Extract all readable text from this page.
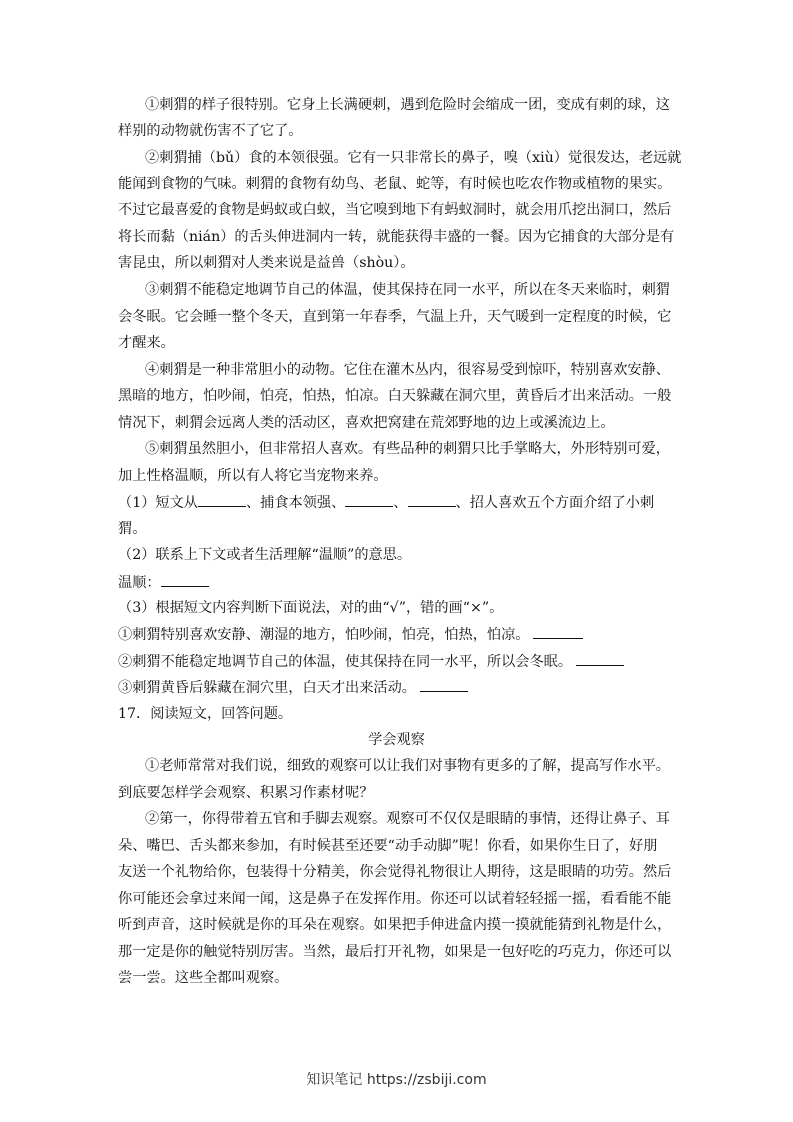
①刺猬的样子很特别。它身上长满硬刺，遇到危险时会缩成一团，变成有刺的球，这
样别的动物就伤害不了它了。
②刺猬捕（bǔ）食的本领很强。它有一只非常长的鼻子，嗅（xiù）觉很发达，老远就
能闻到食物的气味。刺猬的食物有幼鸟、老鼠、蛇等，有时候也吃农作物或植物的果实。
不过它最喜爱的食物是蚂蚁或白蚁，当它嗅到地下有蚂蚁洞时，就会用爪挖出洞口，然后
将长而黏（nián）的舌头伸进洞内一转，就能获得丰盛的一餐。因为它捕食的大部分是有
害昆虫，所以刺猬对人类来说是益兽（shòu）。
③刺猬不能稳定地调节自己的体温，使其保持在同一水平，所以在冬天来临时，刺猬
会冬眠。它会睡一整个冬天，直到第一年春季，气温上升，天气暖到一定程度的时候，它
才醒来。
④刺猬是一种非常胆小的动物。它住在灌木丛内，很容易受到惊吓，特别喜欢安静、
黑暗的地方，怕吵闹，怕亮，怕热，怕凉。白天躲藏在洞穴里，黄昏后才出来活动。一般
情况下，刺猬会远离人类的活动区，喜欢把窝建在荒郊野地的边上或溪流边上。
⑤刺猬虽然胆小，但非常招人喜欢。有些品种的刺猬只比手掌略大，外形特别可爱，
加上性格温顺，所以有人将它当宠物来养。
（1）短文从	、捕食本领强、	、	、招人喜欢五个方面介绍了小刺
猬。
（2）联系上下文或者生活理解“温顺”的意思。
温顺：
（3）根据短文内容判断下面说法，对的曲“√”，错的画“×”。
①刺猬特别喜欢安静、潮湿的地方，怕吵闹，怕亮，怕热，怕凉。
②刺猬不能稳定地调节自己的体温，使其保持在同一水平，所以会冬眠。
③刺猬黄昏后躲藏在洞穴里，白天才出来活动。
17．阅读短文，回答问题。
学会观察
①老师常常对我们说，细致的观察可以让我们对事物有更多的了解，提高写作水平。
到底要怎样学会观察、积累习作素材呢？
②第一，你得带着五官和手脚去观察。观察可不仅仅是眼睛的事情，还得让鼻子、耳
朵、嘴巴、舌头都来参加，有时候甚至还要“动手动脚”呢！你看，如果你生日了，好朋
友送一个礼物给你，包装得十分精美，你会觉得礼物很让人期待，这是眼睛的功劳。然后
你可能还会拿过来闻一闻，这是鼻子在发挥作用。你还可以试着轻轻摇一摇，看看能不能
听到声音，这时候就是你的耳朵在观察。如果把手伸进盒内摸一摸就能猜到礼物是什么，
那一定是你的触觉特别厉害。当然，最后打开礼物，如果是一包好吃的巧克力，你还可以
尝一尝。这些全都叫观察。
知识笔记 https://zsbiji.com
